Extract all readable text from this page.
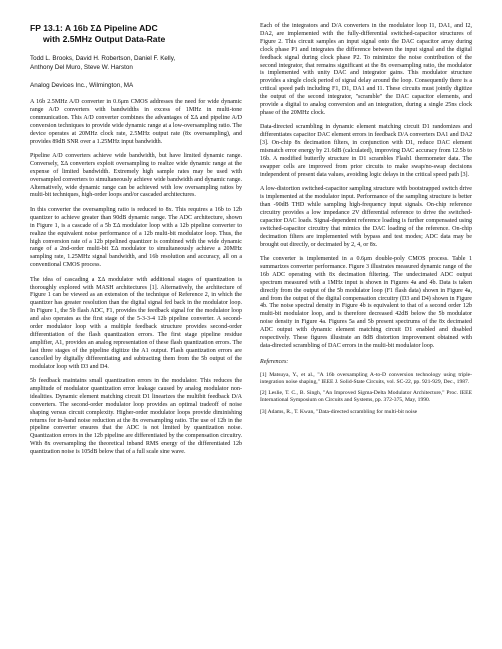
FP 13.1: A 16b ΣΔ Pipeline ADC
with 2.5MHz Output Data-Rate
Todd L. Brooks, David H. Robertson, Daniel F. Kelly,
Anthony Del Muro, Steve W. Harston
Analog Devices Inc., Wilmington, MA

A 16b 2.5MHz A/D converter in 0.6μm CMOS addresses the need for wide dynamic range A/D converters with bandwidths in excess of 1MHz in multi-tone communication. This A/D converter combines the advantages of ΣΔ and pipeline A/D conversion techniques to provide wide dynamic range at a low-oversampling ratio. The device operates at 20MHz clock rate, 2.5MHz output rate (8x oversampling), and provides 89dB SNR over a 1.25MHz input bandwidth.

Pipeline A/D converters achieve wide bandwidth, but have limited dynamic range. Conversely, ΣΔ converters exploit oversampling to realize wide dynamic range at the expense of limited bandwidth. Extremely high sample rates may be used with oversampled converters to simultaneously achieve wide bandwidth and dynamic range. Alternatively, wide dynamic range can be achieved with low oversampling ratios by multi-bit techniques, high-order loops and/or cascaded architectures.

In this converter the oversampling ratio is reduced to 8x. This requires a 16b to 12b quantizer to achieve greater than 90dB dynamic range. The ADC architecture, shown in Figure 1, is a cascade of a 5b ΣΔ modulator loop with a 12b pipeline converter to realize the equivalent noise performance of a 12b multi-bit modulator loop. Thus, the high conversion rate of a 12b pipelined quantizer is combined with the wide dynamic range of a 2nd-order multi-bit ΣΔ modulator to simultaneously achieve a 20MHz sampling rate, 1.25MHz signal bandwidth, and 16b resolution and accuracy, all on a conventional CMOS process.

The idea of cascading a ΣΔ modulator with additional stages of quantization is thoroughly explored with MASH architectures [1]. Alternatively, the architecture of Figure 1 can be viewed as an extension of the technique of Reference 2, in which the quantizer has greater resolution than the digital signal fed back in the modulator loop. In Figure 1, the 5b flash ADC, F1, provides the feedback signal for the modulator loop and also operates as the first stage of the 5-3-3-4 12b pipeline converter. A second-order modulator loop with a multiple feedback structure provides second-order differentiation of the flash quantization errors. The first stage pipeline residue amplifier, A1, provides an analog representation of these flash quantization errors. The last three stages of the pipeline digitize the A1 output. Flash quantization errors are cancelled by digitally differentiating and subtracting them from the 5b output of the modulator loop with D3 and D4.

5b feedback maintains small quantization errors in the modulator. This reduces the amplitude of modulator quantization error leakage caused by analog modulator non-idealities. Dynamic element matching circuit D1 linearizes the multibit feedback D/A converters. The second-order modulator loop provides an optimal tradeoff of noise shaping versus circuit complexity. Higher-order modulator loops provide diminishing returns for in-band noise reduction at the 8x oversampling ratio. The use of 12b in the pipeline converter ensures that the ADC is not limited by quantization noise. Quantization errors in the 12b pipeline are differentiated by the compensation circuitry. With 8x oversampling the theoretical inband RMS energy of the differentiated 12b quantization noise is 105dB below that of a full scale sine wave.

Each of the integrators and D/A converters in the modulator loop I1, DA1, and I2, DA2, are implemented with the fully-differential switched-capacitor structures of Figure 2. This circuit samples an input signal onto the DAC capacitor array during clock phase P1 and integrates the difference between the input signal and the digital feedback signal during clock phase P2. To minimize the noise contribution of the second integrator, that remains significant at the 8x oversampling ratio, the modulator is implemented with unity DAC and integrator gains. This modulator structure provides a single clock period of signal delay around the loop. Consequently there is a critical speed path including F1, D1, DA1 and I1. These circuits must jointly digitize the output of the second integrator, "scramble" the DAC capacitor elements, and provide a digital to analog conversion and an integration, during a single 25ns clock phase of the 20MHz clock.

Data-directed scrambling in dynamic element matching circuit D1 randomizes and differentiates capacitor DAC element errors in feedback D/A converters DA1 and DA2 [3]. On-chip 8x decimation filters, in conjunction with D1, reduce DAC element mismatch error energy by 21.6dB (calculated), improving DAC accuracy from 12.5b to 16b. A modified butterfly structure in D1 scrambles Flash1 thermometer data. The swapper cells are improved from prior circuits to make swap/no-swap decisions independent of present data values, avoiding logic delays in the critical speed path [3].

A low-distortion switched-capacitor sampling structure with bootstrapped switch drive is implemented at the modulator input. Performance of the sampling structure is better than -90dB THD while sampling high-frequency input signals. On-chip reference circuitry provides a low impedance 2V differential reference to drive the switched-capacitor DAC loads. Signal-dependent reference loading is further compensated using switched-capacitor circuitry that mimics the DAC loading of the reference. On-chip decimation filters are implemented with bypass and test modes; ADC data may be brought out directly, or decimated by 2, 4, or 8x.

The converter is implemented in a 0.6μm double-poly CMOS process. Table 1 summarizes converter performance. Figure 3 illustrates measured dynamic range of the 16b ADC operating with 8x decimation filtering. The undecimated ADC output spectrum measured with a 1MHz input is shown in Figures 4a and 4b. Data is taken directly from the output of the 5b modulator loop (F1 flash data) shown in Figure 4a, and from the output of the digital compensation circuitry (D3 and D4) shown in Figure 4b. The noise spectral density in Figure 4b is equivalent to that of a second order 12b multi-bit modulator loop, and is therefore decreased 42dB below the 5b modulator noise density in Figure 4a. Figures 5a and 5b present spectrums of the 8x decimated ADC output with dynamic element matching circuit D1 enabled and disabled respectively. These figures illustrate an 8dB distortion improvement obtained with data-directed scrambling of DAC errors in the multi-bit modulator loop.

References:
[1] Matsuya, Y., et al., "A 16b oversampling A-to-D conversion technology using triple-integration noise shaping," IEEE J. Solid-State Circuits, vol. SC-22, pp. 921-929, Dec., 1987.
[2] Leslie, T. C., B. Singh, "An Improved Sigma-Delta Modulator Architecture," Proc. IEEE International Symposium on Circuits and Systems, pp. 372-375, May, 1990.
[3] Adams, R., T. Kwan, "Data-directed scrambling for multi-bit noise
